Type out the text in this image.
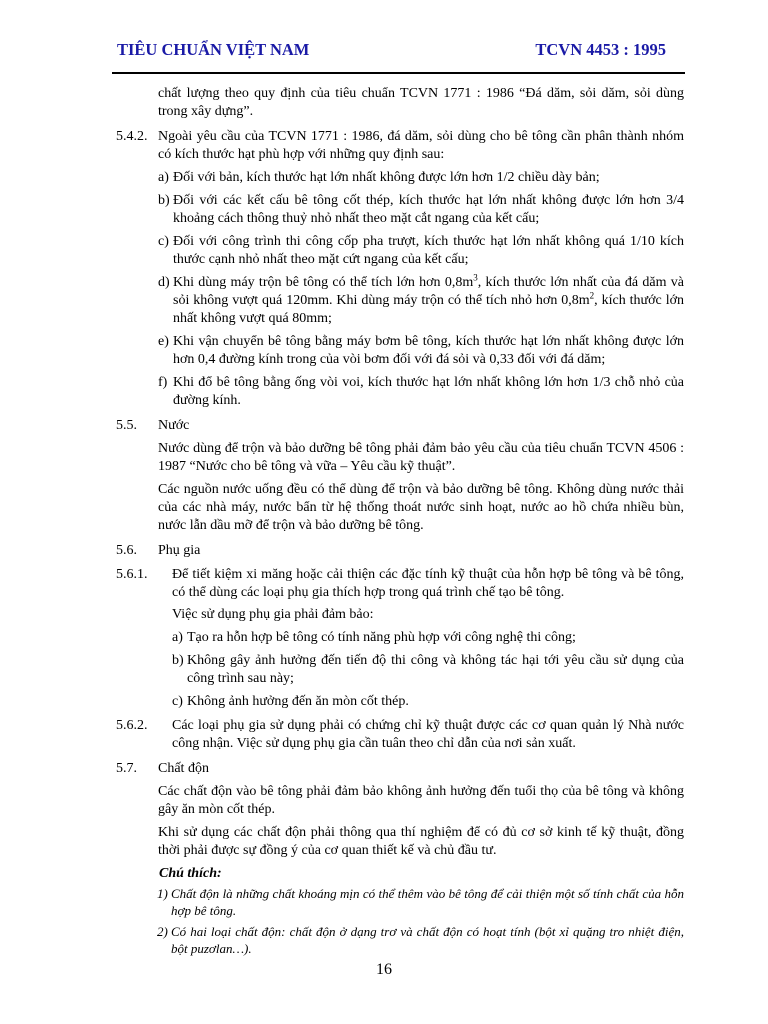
TIÊU CHUẨN VIỆT NAM	TCVN 4453 : 1995
chất lượng theo quy định của tiêu chuẩn TCVN 1771 : 1986 “Đá dăm, sỏi dăm, sỏi dùng trong xây dựng”.
5.4.2. Ngoài yêu cầu của TCVN 1771 : 1986, đá dăm, sỏi dùng cho bê tông cần phân thành nhóm có kích thước hạt phù hợp với những quy định sau:
a) Đối với bản, kích thước hạt lớn nhất không được lớn hơn 1/2 chiều dày bản;
b) Đối với các kết cấu bê tông cốt thép, kích thước hạt lớn nhất không được lớn hơn 3/4 khoảng cách thông thuỷ nhỏ nhất theo mặt cắt ngang của kết cấu;
c) Đối với công trình thi công cốp pha trượt, kích thước hạt lớn nhất không quá 1/10 kích thước cạnh nhỏ nhất theo mặt cứt ngang của kết cấu;
d) Khi dùng máy trộn bê tông có thể tích lớn hơn $0,8m^3$, kích thước lớn nhất của đá dăm và sỏi không vượt quá 120mm. Khi dùng máy trộn có thể tích nhỏ hơn $0,8m^2$, kích thước lớn nhất không vượt quá 80mm;
e) Khi vận chuyển bê tông bằng máy bơm bê tông, kích thước hạt lớn nhất không được lớn hơn 0,4 đường kính trong của vòi bơm đối với đá sỏi và 0,33 đối với đá dăm;
f) Khi đổ bê tông bằng ống vòi voi, kích thước hạt lớn nhất không lớn hơn 1/3 chỗ nhỏ của đường kính.
5.5. Nước
Nước dùng để trộn và bảo dưỡng bê tông phải đảm bảo yêu cầu của tiêu chuẩn TCVN 4506 : 1987 “Nước cho bê tông và vữa – Yêu cầu kỹ thuật”.
Các nguồn nước uống đều có thể dùng để trộn và bảo dưỡng bê tông. Không dùng nước thải của các nhà máy, nước bẩn từ hệ thống thoát nước sinh hoạt, nước ao hồ chứa nhiều bùn, nước lẫn dầu mỡ để trộn và bảo dưỡng bê tông.
5.6. Phụ gia
5.6.1. Để tiết kiệm xi măng hoặc cải thiện các đặc tính kỹ thuật của hỗn hợp bê tông và bê tông, có thể dùng các loại phụ gia thích hợp trong quá trình chế tạo bê tông.
Việc sử dụng phụ gia phải đảm bảo:
a) Tạo ra hỗn hợp bê tông có tính năng phù hợp với công nghệ thi công;
b) Không gây ảnh hưởng đến tiến độ thi công và không tác hại tới yêu cầu sử dụng của công trình sau này;
c) Không ảnh hưởng đến ăn mòn cốt thép.
5.6.2. Các loại phụ gia sử dụng phải có chứng chỉ kỹ thuật được các cơ quan quản lý Nhà nước công nhận. Việc sử dụng phụ gia cần tuân theo chỉ dẫn của nơi sản xuất.
5.7. Chất độn
Các chất độn vào bê tông phải đảm bảo không ảnh hưởng đến tuổi thọ của bê tông và không gây ăn mòn cốt thép.
Khi sử dụng các chất độn phải thông qua thí nghiệm để có đủ cơ sở kinh tế kỹ thuật, đồng thời phải được sự đồng ý của cơ quan thiết kế và chủ đầu tư.
Chú thích:
1) Chất độn là những chất khoáng mịn có thể thêm vào bê tông để cải thiện một số tính chất của hỗn hợp bê tông.
2) Có hai loại chất độn: chất độn ở dạng trơ và chất độn có hoạt tính (bột xỉ quặng tro nhiệt điện, bột puzơlan…).
16
